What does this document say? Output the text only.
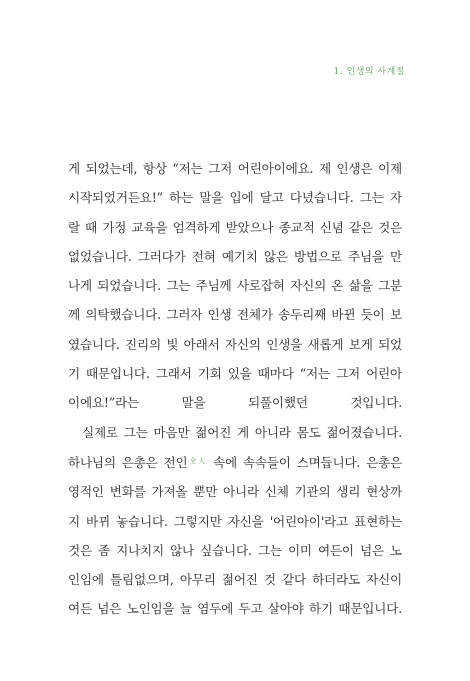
1. 인생의 사계절
게 되었는데, 항상 “저는 그저 어린아이에요. 제 인생은 이제
시작되었거든요!” 하는 말을 입에 달고 다녔습니다. 그는 자
랄 때 가정 교육을 엄격하게 받았으나 종교적 신념 같은 것은
없었습니다. 그러다가 전혀 예기치 않은 방법으로 주님을 만
나게 되었습니다. 그는 주님께 사로잡혀 자신의 온 삶을 그분
께 의탁했습니다. 그러자 인생 전체가 송두리째 바뀐 듯이 보
였습니다. 진리의 빛 아래서 자신의 인생을 새롭게 보게 되었
기 때문입니다. 그래서 기회 있을 때마다 “저는 그저 어린아
이에요!”라는 말을 되풀이했던 것입니다.
실제로 그는 마음만 젊어진 게 아니라 몸도 젊어졌습니다.
하나님의 은총은 전인$^{全人}$ 속에 속속들이 스며듭니다. 은총은
영적인 변화를 가져올 뿐만 아니라 신체 기관의 생리 현상까
지 바뀌 놓습니다. 그렇지만 자신을 '어린아이'라고 표현하는
것은 좀 지나치지 않나 싶습니다. 그는 이미 여든이 넘은 노
인임에 틀림없으며, 아무리 젊어진 것 같다 하더라도 자신이
여든 넘은 노인임을 늘 염두에 두고 살아야 하기 때문입니다.
